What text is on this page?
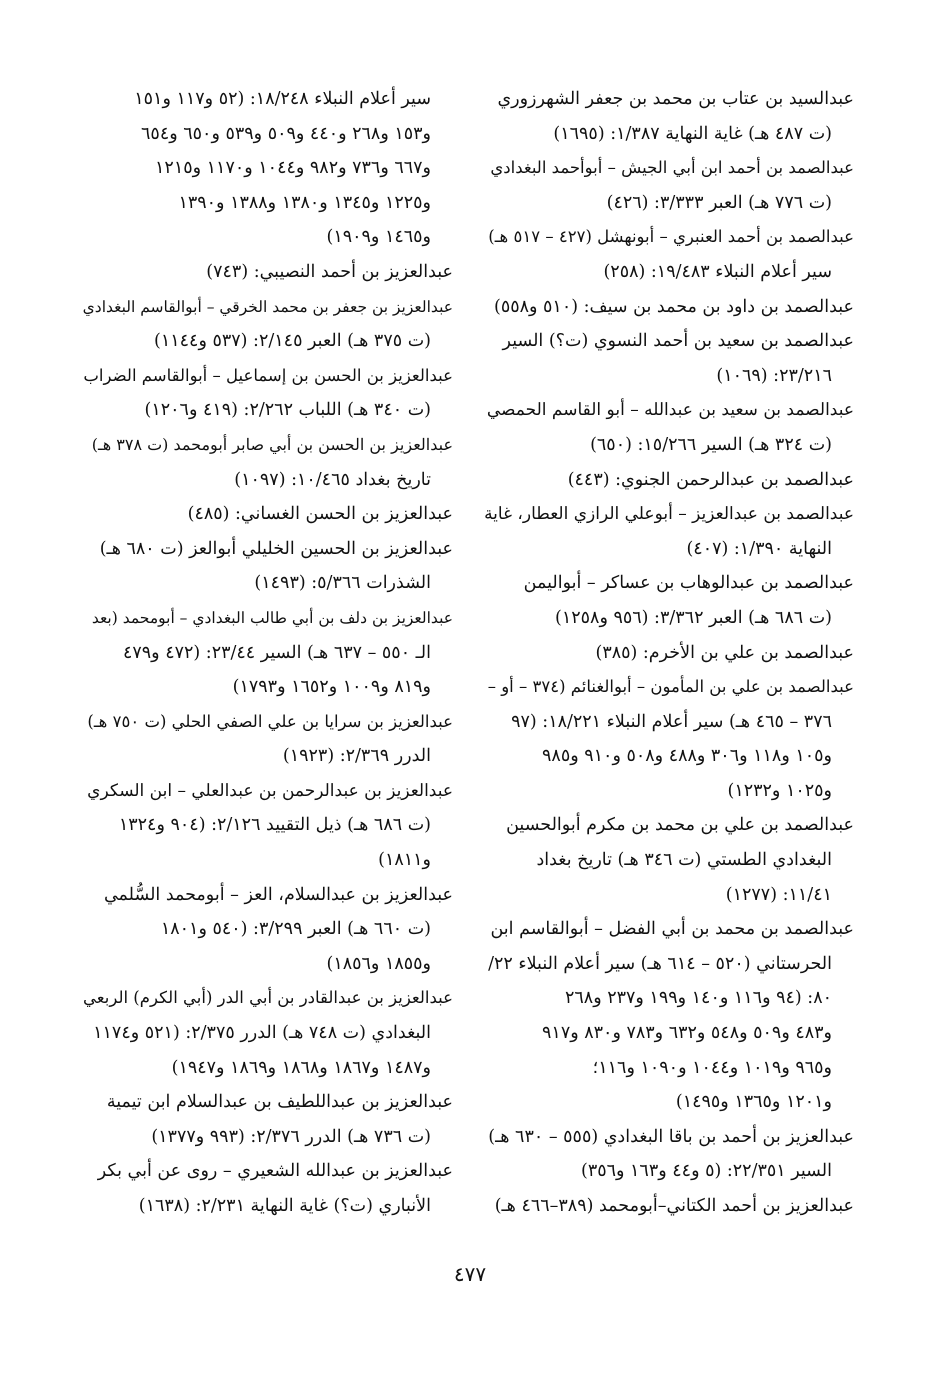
عبدالسيد بن عتاب بن محمد بن جعفر الشهرزوري
(ت ٤٨٧ هـ) غاية النهاية ١/٣٨٧: (١٦٩٥)
عبدالصمد بن أحمد ابن أبي الجيش – أبوأحمد البغدادي
(ت ٧٧٦ هـ) العبر ٣/٣٣٣: (٤٢٦)
عبدالصمد بن أحمد العنبري – أبونهشل (٤٢٧ – ٥١٧ هـ)
سير أعلام النبلاء ١٩/٤٨٣: (٢٥٨)
عبدالصمد بن داود بن محمد بن سيف: (٥١٠ و٥٥٨)
عبدالصمد بن سعيد بن أحمد النسوي (ت؟) السير
٢٣/٢١٦: (١٠٦٩)
عبدالصمد بن سعيد بن عبدالله – أبو القاسم الحمصي
(ت ٣٢٤ هـ) السير ١٥/٢٦٦: (٦٥٠)
عبدالصمد بن عبدالرحمن الجنوي: (٤٤٣)
عبدالصمد بن عبدالعزيز – أبوعلي الرازي العطار، غاية
النهاية ١/٣٩٠: (٤٠٧)
عبدالصمد بن عبدالوهاب بن عساكر – أبواليمن
(ت ٦٨٦ هـ) العبر ٣/٣٦٢: (٩٥٦ و١٢٥٨)
عبدالصمد بن علي بن الأخرم: (٣٨٥)
عبدالصمد بن علي بن المأمون – أبوالغنائم (٣٧٤ – أو –
٣٧٦ – ٤٦٥ هـ) سير أعلام النبلاء ١٨/٢٢١: (٩٧
و١٠٥ و١١٨ و٣٠٦ و٤٨٨ و٥٠٨ و٩١٠ و٩٨٥
و١٠٢٥ و١٢٣٢)
عبدالصمد بن علي بن محمد بن مكرم أبوالحسين
البغدادي الطستي (ت ٣٤٦ هـ) تاريخ بغداد
١١/٤١: (١٢٧٧)
عبدالصمد بن محمد بن أبي الفضل – أبوالقاسم ابن
الحرستاني (٥٢٠ – ٦١٤ هـ) سير أعلام النبلاء ٢٢/
٨٠: (٩٤ و١١٦ و١٤٠ و١٩٩ و٢٣٧ و٢٦٨
و٤٨٣ و٥٠٩ و٥٤٨ و٦٣٢ و٧٨٣ و٨٣٠ و٩١٧
و٩٦٥ و١٠١٩ و١٠٤٤ و١٠٩٠ و١١٦؛
و١٢٠١ و١٣٦٥ و١٤٩٥)
عبدالعزيز بن أحمد بن باقا البغدادي (٥٥٥ – ٦٣٠ هـ)
السير ٢٢/٣٥١: (٥ و٤٤ و١٦٣ و٣٥٦)
عبدالعزيز بن أحمد الكتاني–أبومحمد (٣٨٩–٤٦٦ هـ)
سير أعلام النبلاء ١٨/٢٤٨: (٥٢ و١١٧ و١٥١
و١٥٣ و٢٦٨ و٤٤٠ و٥٠٩ و٥٣٩ و٦٥٠ و٦٥٤
و٦٦٧ و٧٣٦ و٩٨٢ و١٠٤٤ و١١٧٠ و١٢١٥
و١٢٢٥ و١٣٤٥ و١٣٨٠ و١٣٨٨ و١٣٩٠
و١٤٦٥ و١٩٠٩)
عبدالعزيز بن أحمد النصيبي: (٧٤٣)
عبدالعزيز بن جعفر بن محمد الخرقي – أبوالقاسم البغدادي
(ت ٣٧٥ هـ) العبر ٢/١٤٥: (٥٣٧ و١١٤٤)
عبدالعزيز بن الحسن بن إسماعيل – أبوالقاسم الضراب
(ت ٣٤٠ هـ) اللباب ٢/٢٦٢: (٤١٩ و١٢٠٦)
عبدالعزيز بن الحسن بن أبي صابر أبومحمد (ت ٣٧٨ هـ)
تاريخ بغداد ١٠/٤٦٥: (١٠٩٧)
عبدالعزيز بن الحسن الغساني: (٤٨٥)
عبدالعزيز بن الحسين الخليلي أبوالعز (ت ٦٨٠ هـ)
الشذرات ٥/٣٦٦: (١٤٩٣)
عبدالعزيز بن دلف بن أبي طالب البغدادي – أبومحمد (بعد
الـ ٥٥٠ – ٦٣٧ هـ) السير ٢٣/٤٤: (٤٧٢ و٤٧٩
و٨١٩ و١٠٠٩ و١٦٥٢ و١٧٩٣)
عبدالعزيز بن سرايا بن علي الصفي الحلي (ت ٧٥٠ هـ)
الدرر ٢/٣٦٩: (١٩٢٣)
عبدالعزيز بن عبدالرحمن بن عبدالعلي – ابن السكري
(ت ٦٨٦ هـ) ذيل التقييد ٢/١٢٦: (٩٠٤ و١٣٢٤
و١٨١١)
عبدالعزيز بن عبدالسلام، العز – أبومحمد السُّلمي
(ت ٦٦٠ هـ) العبر ٣/٢٩٩: (٥٤٠ و١٨٠١
و١٨٥٥ و١٨٥٦)
عبدالعزيز بن عبدالقادر بن أبي الدر (أبي الكرم) الربعي
البغدادي (ت ٧٤٨ هـ) الدرر ٢/٣٧٥: (٥٢١ و١١٧٤
و١٤٨٧ و١٨٦٧ و١٨٦٨ و١٨٦٩ و١٩٤٧)
عبدالعزيز بن عبداللطيف بن عبدالسلام ابن تيمية
(ت ٧٣٦ هـ) الدرر ٢/٣٧٦: (٩٩٣ و١٣٧٧)
عبدالعزيز بن عبدالله الشعيري – روى عن أبي بكر
الأنباري (ت؟) غاية النهاية ٢/٢٣١: (١٦٣٨)
٤٧٧
